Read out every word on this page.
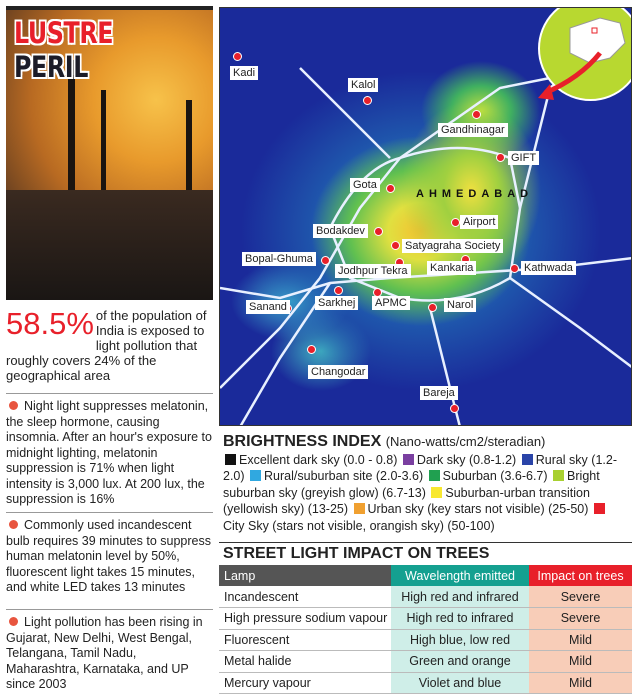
LUSTRE PERIL
58.5% of the population of India is exposed to light pollution that roughly covers 24% of the geographical area
Night light suppresses melatonin, the sleep hormone, causing insomnia. After an hour's exposure to midnight lighting, melatonin suppression is 71% when light intensity is 3,000 lux. At 200 lux, the suppression is 16%
Commonly used incandescent bulb requires 39 minutes to suppress human melatonin level by 50%, fluorescent light takes 15 minutes, and white LED takes 13 minutes
Light pollution has been rising in Gujarat, New Delhi, West Bengal, Telangana, Tamil Nadu, Maharashtra, Karnataka, and UP since 2003
AHMEDABAD
Kadi
Kalol
Gandhinagar
GIFT
Gota
Airport
Bodakdev
Satyagraha Society
Bopal-Ghuma
Jodhpur Tekra Kankaria	Kathwada
Sanand	Sarkhej APMC	Narol
Changodar
Bareja
BRIGHTNESS INDEX (Nano-watts/cm2/steradian)
Excellent dark sky (0.0 - 0.8) Dark sky (0.8-1.2) Rural sky (1.2-2.0) Rural/suburban site (2.0-3.6) Suburban (3.6-6.7) Bright suburban sky (greyish glow) (6.7-13) Suburban-urban transition (yellowish sky) (13-25) Urban sky (key stars not visible) (25-50) City Sky (stars not visible, orangish sky) (50-100)
STREET LIGHT IMPACT ON TREES
Lamp	Wavelength emitted	Impact on trees
Incandescent	High red and infrared	Severe
High pressure sodium vapour	High red to infrared	Severe
Fluorescent	High blue, low red	Mild
Metal halide	Green and orange	Mild
Mercury vapour	Violet and blue	Mild
